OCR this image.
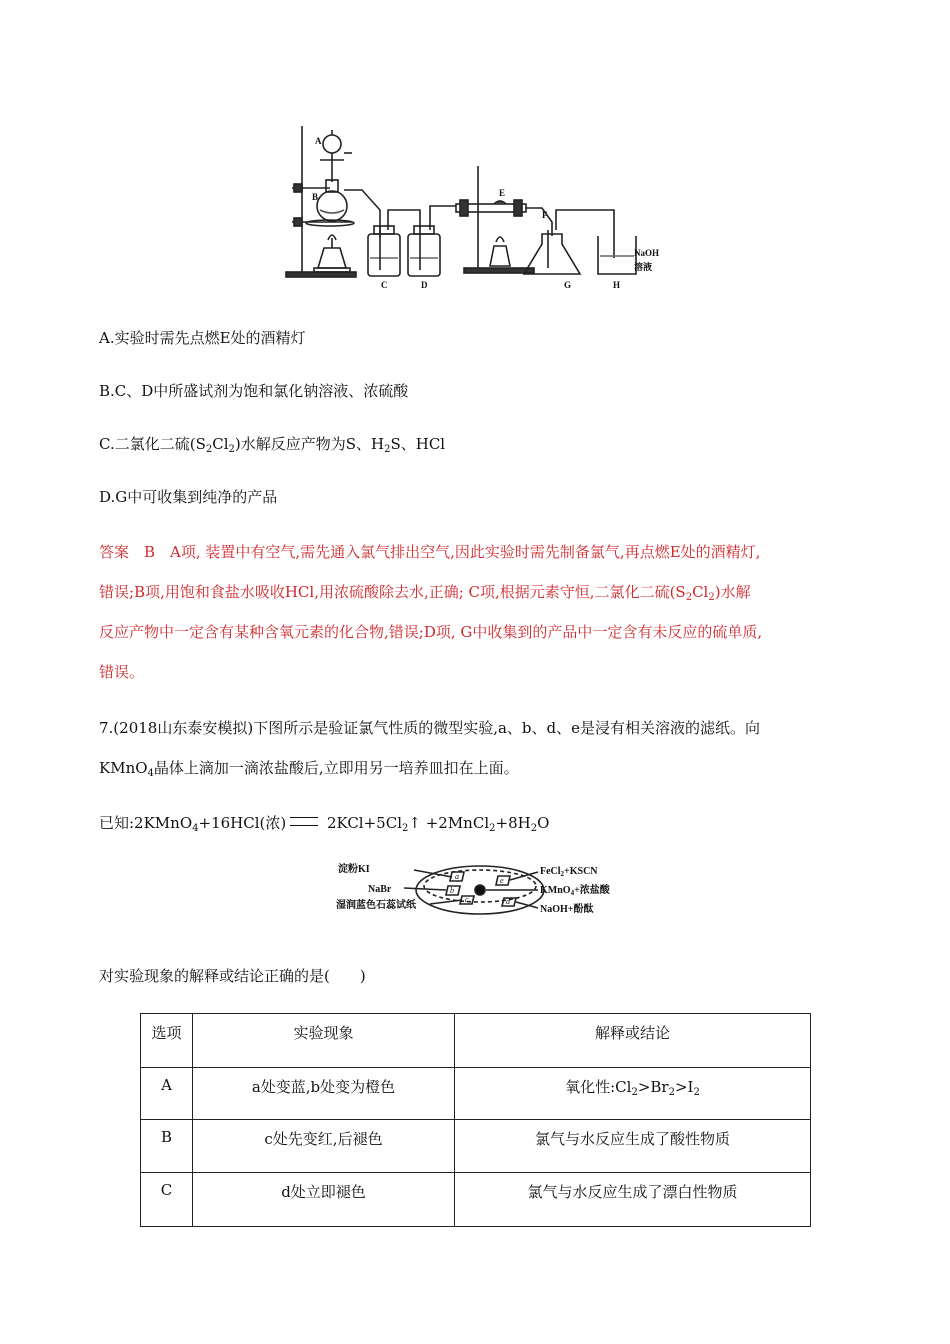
A
B
C	D
E
F
G	H
NaOH
溶液
A.实验时需先点燃E处的酒精灯
B.C、D中所盛试剂为饱和氯化钠溶液、浓硫酸
C.二氯化二硫$(S_2Cl_2)$水解反应产物为S、$H_2S$、HCl
D.G中可收集到纯净的产品
答案　B　A项, 装置中有空气,需先通入氯气排出空气,因此实验时需先制备氯气,再点燃E处的酒精灯,
错误;B项,用饱和食盐水吸收HCl,用浓硫酸除去水,正确; C项,根据元素守恒,二氯化二硫$(S_2Cl_2)$水解
反应产物中一定含有某种含氧元素的化合物,错误;D项, G中收集到的产品中一定含有未反应的硫单质,
错误。
7.(2018山东泰安模拟)下图所示是验证氯气性质的微型实验,a、b、d、e是浸有相关溶液的滤纸。向
KMnO$_4$晶体上滴加一滴浓盐酸后,立即用另一培养皿扣在上面。
已知:2KMnO$_4$+16HCl(浓) $2KCl+5Cl_2↑$ $+2MnCl_2+8H_2O$
淀粉KI
NaBr
湿润蓝色石蕊试纸
FeCl$_2$+KSCN
KMnO$_4$+浓盐酸
NaOH+酚酞
a
b
c	d
e
对实验现象的解释或结论正确的是(　　)
选项	实验现象	解释或结论
A	a处变蓝,b处变为橙色	氧化性$:Cl_2>Br_2>I_2$
B	c处先变红,后褪色	氯气与水反应生成了酸性物质
C	d处立即褪色	氯气与水反应生成了漂白性物质
